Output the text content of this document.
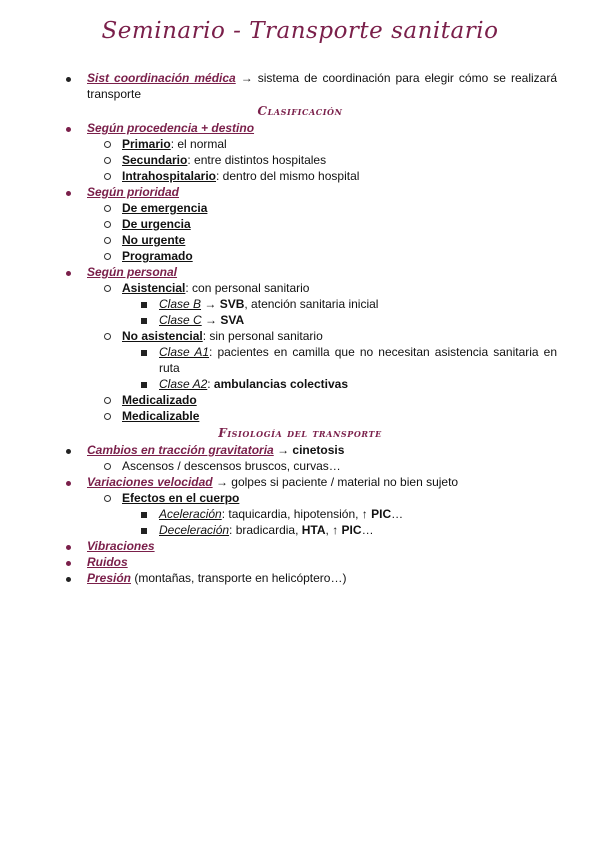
Seminario - Transporte sanitario
Sist coordinación médica → sistema de coordinación para elegir cómo se realizará transporte
Clasificación
Según procedencia + destino
Primario: el normal
Secundario: entre distintos hospitales
Intrahospitalario: dentro del mismo hospital
Según prioridad
De emergencia
De urgencia
No urgente
Programado
Según personal
Asistencial: con personal sanitario
Clase B → SVB, atención sanitaria inicial
Clase C → SVA
No asistencial: sin personal sanitario
Clase A1: pacientes en camilla que no necesitan asistencia sanitaria en ruta
Clase A2: ambulancias colectivas
Medicalizado
Medicalizable
Fisiología del transporte
Cambios en tracción gravitatoria → cinetosis
Ascensos / descensos bruscos, curvas…
Variaciones velocidad → golpes si paciente / material no bien sujeto
Efectos en el cuerpo
Aceleración: taquicardia, hipotensión, ↑ PIC…
Deceleración: bradicardia, HTA, ↑ PIC…
Vibraciones
Ruidos
Presión (montañas, transporte en helicóptero…)
